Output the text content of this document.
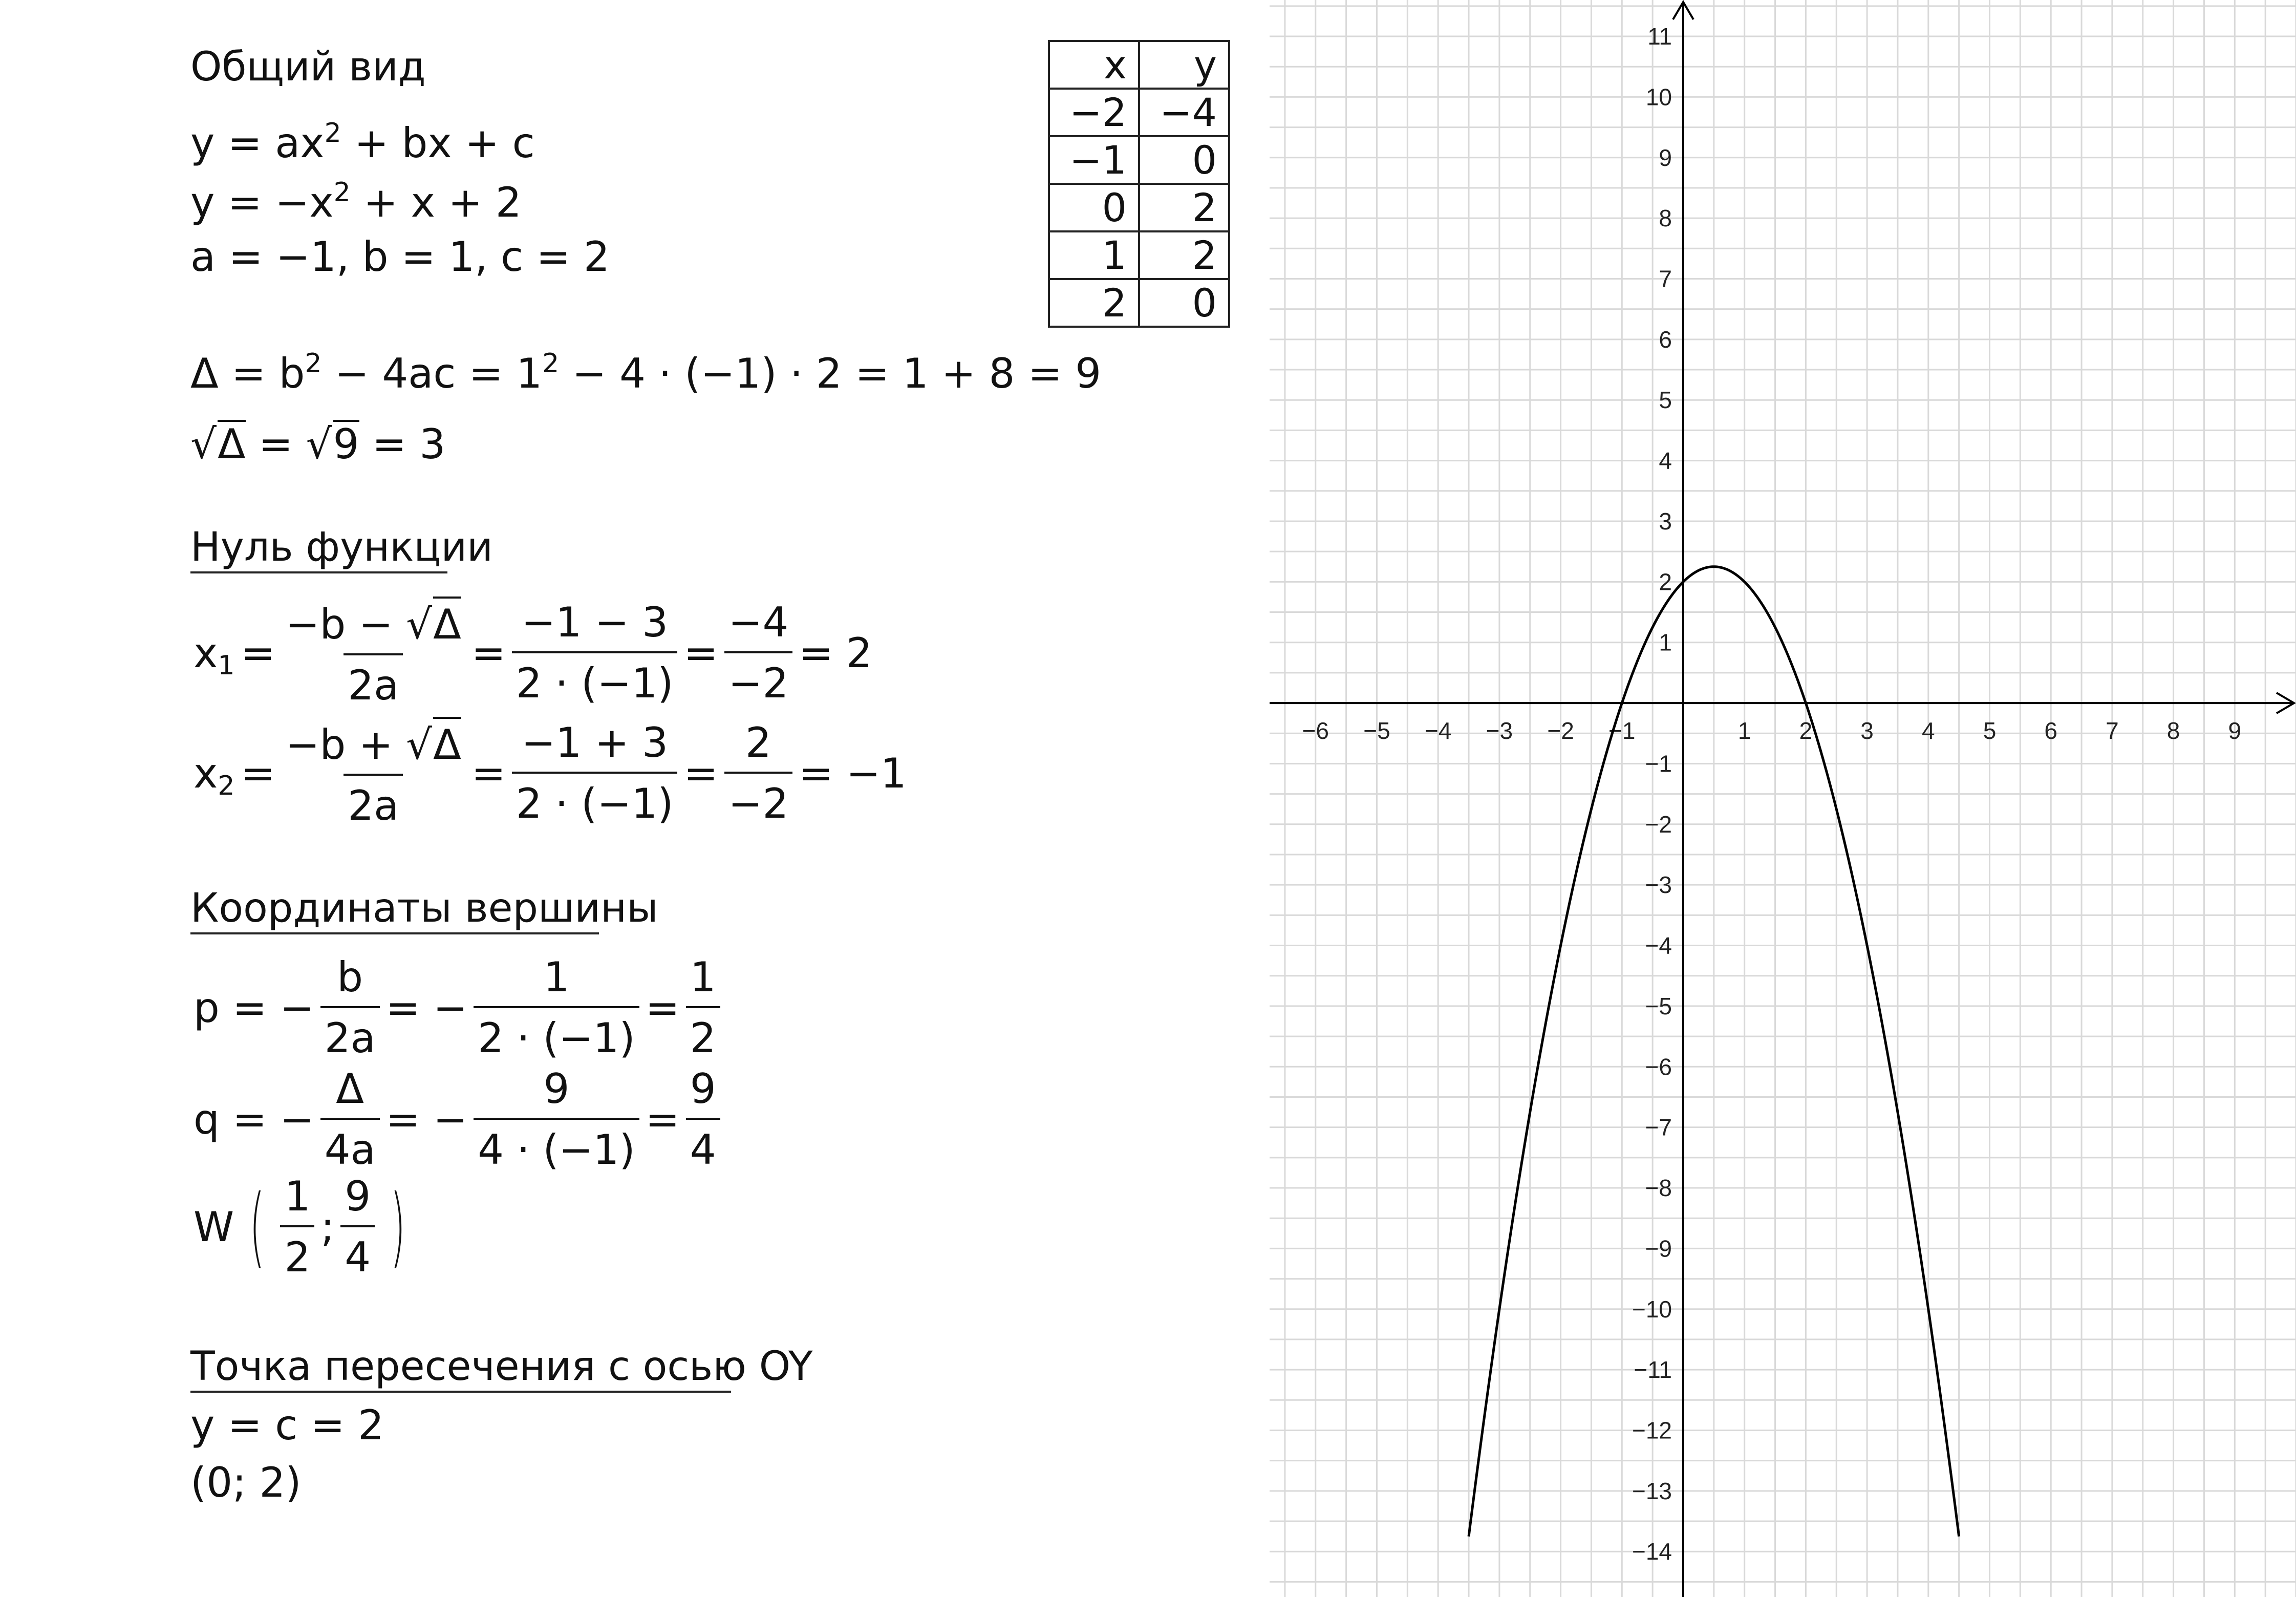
Общий вид
$y = ax^2$ + bx + c
$y = -x^2 + x + 2$
a = −1, b = 1, c = 2
$\Delta = b^2 - 4ac = 1^2 - 4 \cdot (-1) \cdot 2 = 1 + 8 = 9$
√Δ = √9 = 3
Нуль функции
$x_1 = \frac{-b - √\Delta}{2a} = \frac{-1 - 3}{2 \cdot (-1)} = \frac{-4}{-2} = 2$
$x_2 = \frac{-b + √\Delta}{2a} = \frac{-1 + 3}{2 \cdot (-1)} = \frac{2}{-2} = -1$
Координаты вершины
p = − $\frac{b}{2a}$ = − $\frac{1}{2 \cdot (-1)} = \frac{1}{2}$
q = − $\frac{\Delta}{4a}$ = − $\frac{9}{4 \cdot (-1)} = \frac{9}{4}$
W ( $\frac{1}{2}$ ; $\frac{9}{4}$ )
Точка пересечения с осью OY
y = c = 2
(0; 2)
x	y
−2	−4
−1	0
0	2
1	2
2	0
−6 −5 −4 −3 −2 −1	1 2 3 4 5 6 7 8 9
−14
−13
−12
−11
−10
−9
−8
−7
−6
−5
−4
−3
−2
−1
1
2
3
4
5
6
7
8
9
10
11
